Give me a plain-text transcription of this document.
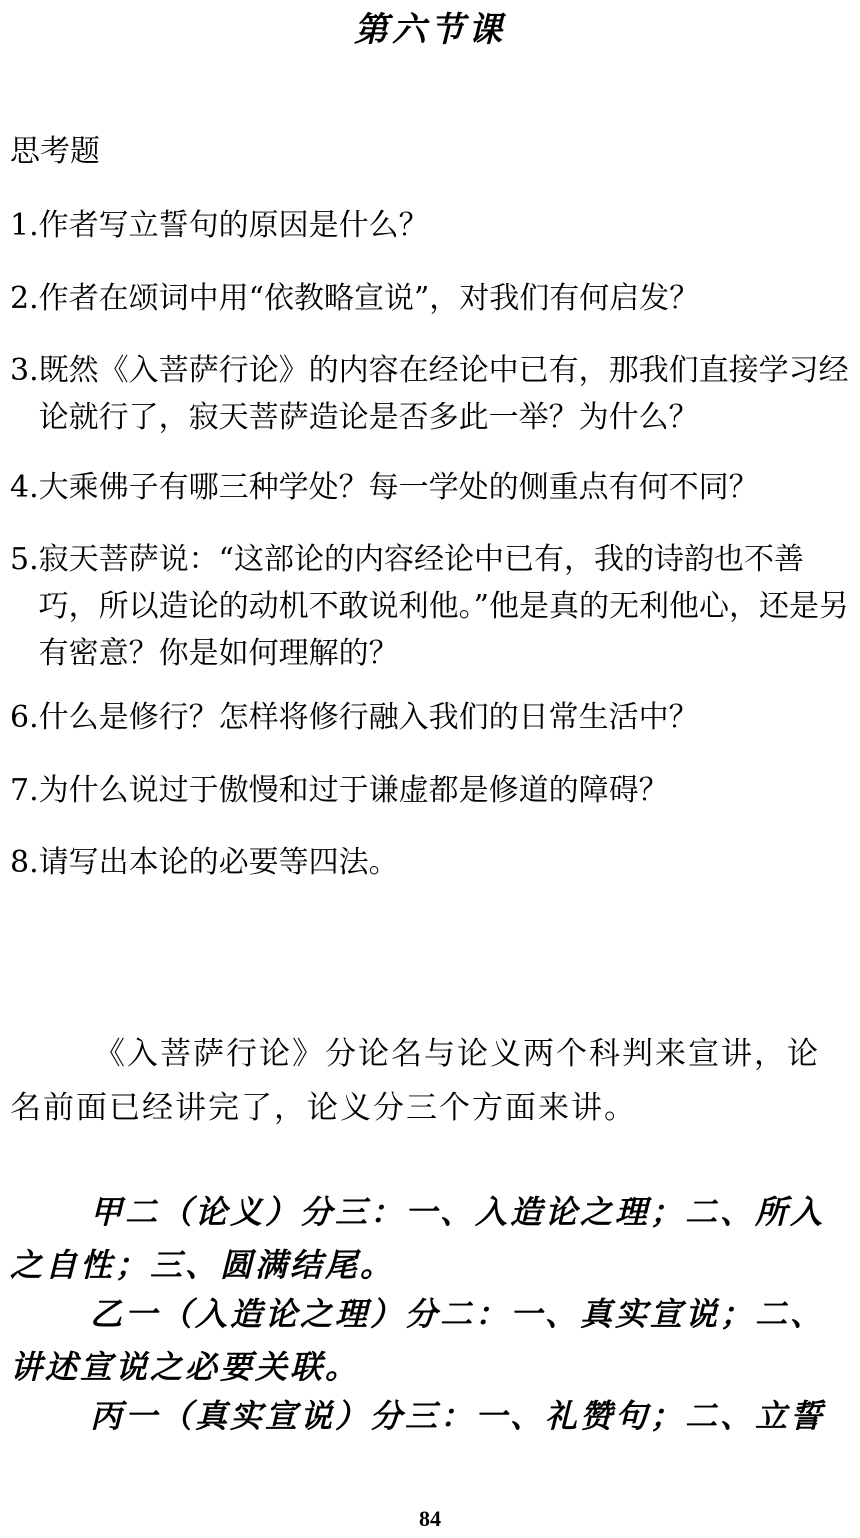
第六节课
思考题
1. 作者写立誓句的原因是什么？
2. 作者在颂词中用“依教略宣说”，对我们有何启发？
3. 既然《入菩萨行论》的内容在经论中已有，那我们直接学习经论就行了，寂天菩萨造论是否多此一举？为什么？
4. 大乘佛子有哪三种学处？每一学处的侧重点有何不同？
5. 寂天菩萨说：“这部论的内容经论中已有，我的诗韵也不善巧，所以造论的动机不敢说利他。”他是真的无利他心，还是另有密意？你是如何理解的？
6. 什么是修行？怎样将修行融入我们的日常生活中？
7. 为什么说过于傲慢和过于谦虚都是修道的障碍？
8. 请写出本论的必要等四法。
《入菩萨行论》分论名与论义两个科判来宣讲，论名前面已经讲完了，论义分三个方面来讲。
甲二（论义）分三：一、入造论之理；二、所入之自性；三、圆满结尾。
乙一（入造论之理）分二：一、真实宣说；二、讲述宣说之必要关联。
丙一（真实宣说）分三：一、礼赞句；二、立誓
84
